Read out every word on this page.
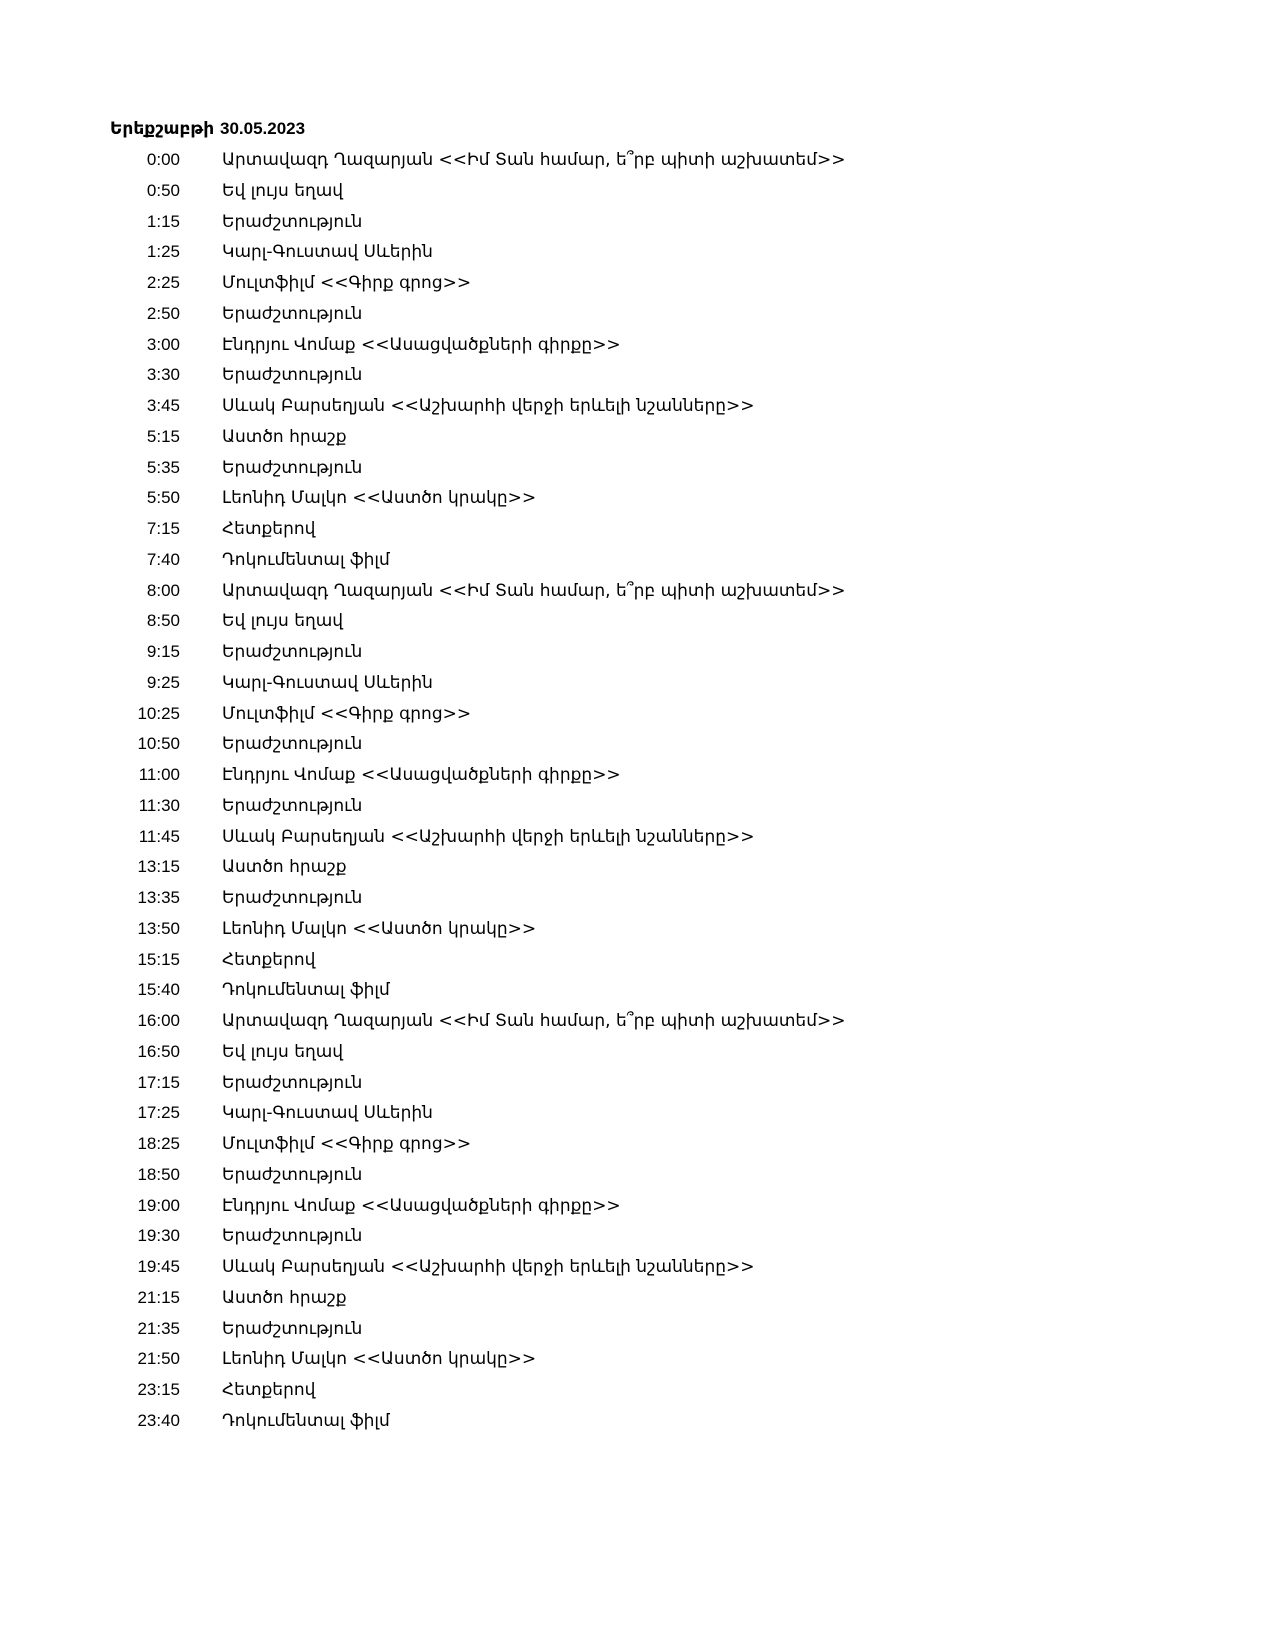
Երեքշաբթի 30.05.2023
0:00 Արտավազդ Ղազարյան <<Իմ Տան համար, ե՞րբ պիտի աշխատեմ>>
0:50 Եվ լույս եղավ
1:15 Երաժշտություն
1:25 Կարլ-Գուստավ Սևերին
2:25 Մուլտֆիլմ <<Գիրք գրոց>>
2:50 Երաժշտություն
3:00 Էնդրյու Վոմաք <<Ասացվածքների գիրքը>>
3:30 Երաժշտություն
3:45 Սևակ Բարսեղյան <<Աշխարհի վերջի երևելի նշանները>>
5:15 Աստծո հրաշք
5:35 Երաժշտություն
5:50 Լեոնիդ Մալկո <<Աստծո կրակը>>
7:15 Հետքերով
7:40 Դոկումենտալ ֆիլմ
8:00 Արտավազդ Ղազարյան <<Իմ Տան համար, ե՞րբ պիտի աշխատեմ>>
8:50 Եվ լույս եղավ
9:15 Երաժշտություն
9:25 Կարլ-Գուստավ Սևերին
10:25 Մուլտֆիլմ <<Գիրք գրոց>>
10:50 Երաժշտություն
11:00 Էնդրյու Վոմաք <<Ասացվածքների գիրքը>>
11:30 Երաժշտություն
11:45 Սևակ Բարսեղյան <<Աշխարհի վերջի երևելի նշանները>>
13:15 Աստծո հրաշք
13:35 Երաժշտություն
13:50 Լեոնիդ Մալկո <<Աստծո կրակը>>
15:15 Հետքերով
15:40 Դոկումենտալ ֆիլմ
16:00 Արտավազդ Ղազարյան <<Իմ Տան համար, ե՞րբ պիտի աշխատեմ>>
16:50 Եվ լույս եղավ
17:15 Երաժշտություն
17:25 Կարլ-Գուստավ Սևերին
18:25 Մուլտֆիլմ <<Գիրք գրոց>>
18:50 Երաժշտություն
19:00 Էնդրյու Վոմաք <<Ասացվածքների գիրքը>>
19:30 Երաժշտություն
19:45 Սևակ Բարսեղյան <<Աշխարհի վերջի երևելի նշանները>>
21:15 Աստծո հրաշք
21:35 Երաժշտություն
21:50 Լեոնիդ Մալկո <<Աստծո կրակը>>
23:15 Հետքերով
23:40 Դոկումենտալ ֆիլմ
